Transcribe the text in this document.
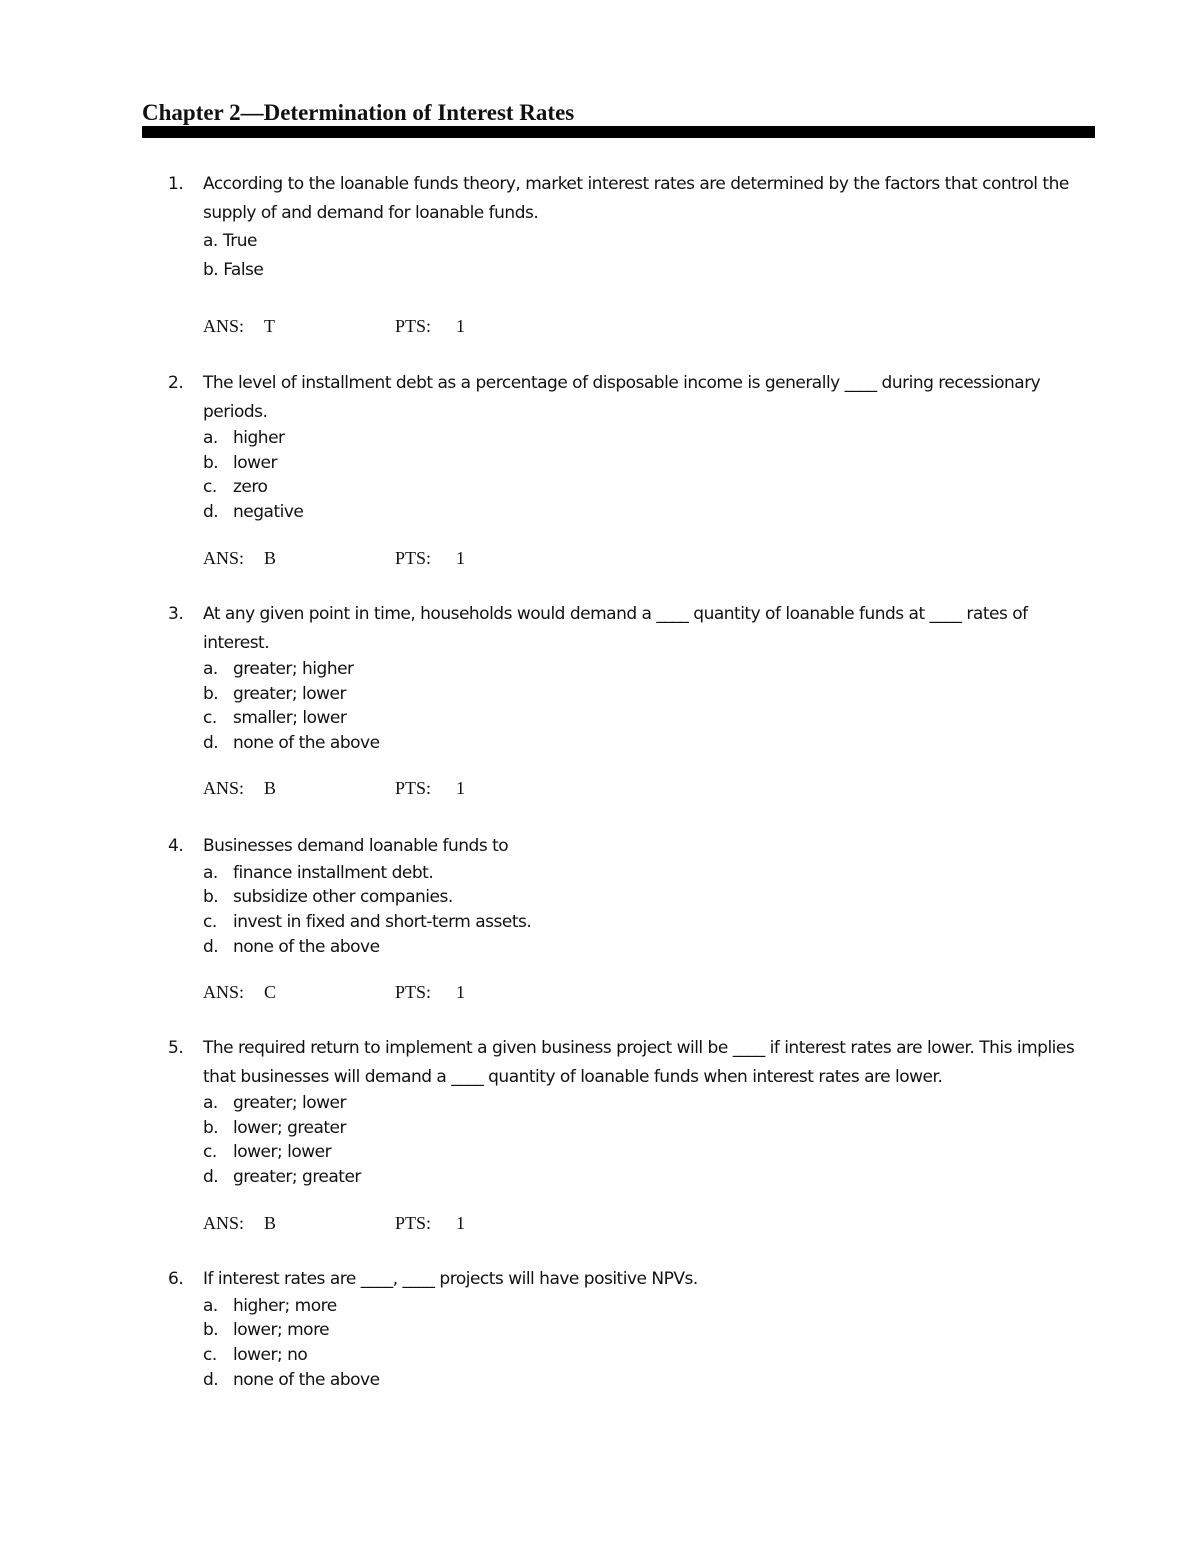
Chapter 2—Determination of Interest Rates
1. According to the loanable funds theory, market interest rates are determined by the factors that control the supply of and demand for loanable funds.

a. True
b. False
ANS: T	PTS: 1
2. The level of installment debt as a percentage of disposable income is generally ____ during recessionary periods.

a. higher
b. lower
c. zero
d. negative
ANS: B	PTS: 1
3. At any given point in time, households would demand a ____ quantity of loanable funds at ____ rates of interest.

a. greater; higher
b. greater; lower
c. smaller; lower
d. none of the above
ANS: B	PTS: 1
4. Businesses demand loanable funds to

a. finance installment debt.
b. subsidize other companies.
c. invest in fixed and short-term assets.
d. none of the above
ANS: C	PTS: 1
5. The required return to implement a given business project will be ____ if interest rates are lower. This implies that businesses will demand a ____ quantity of loanable funds when interest rates are lower.

a. greater; lower
b. lower; greater
c. lower; lower
d. greater; greater
ANS: B	PTS: 1
6. If interest rates are ____, ____ projects will have positive NPVs.

a. higher; more
b. lower; more
c. lower; no
d. none of the above
